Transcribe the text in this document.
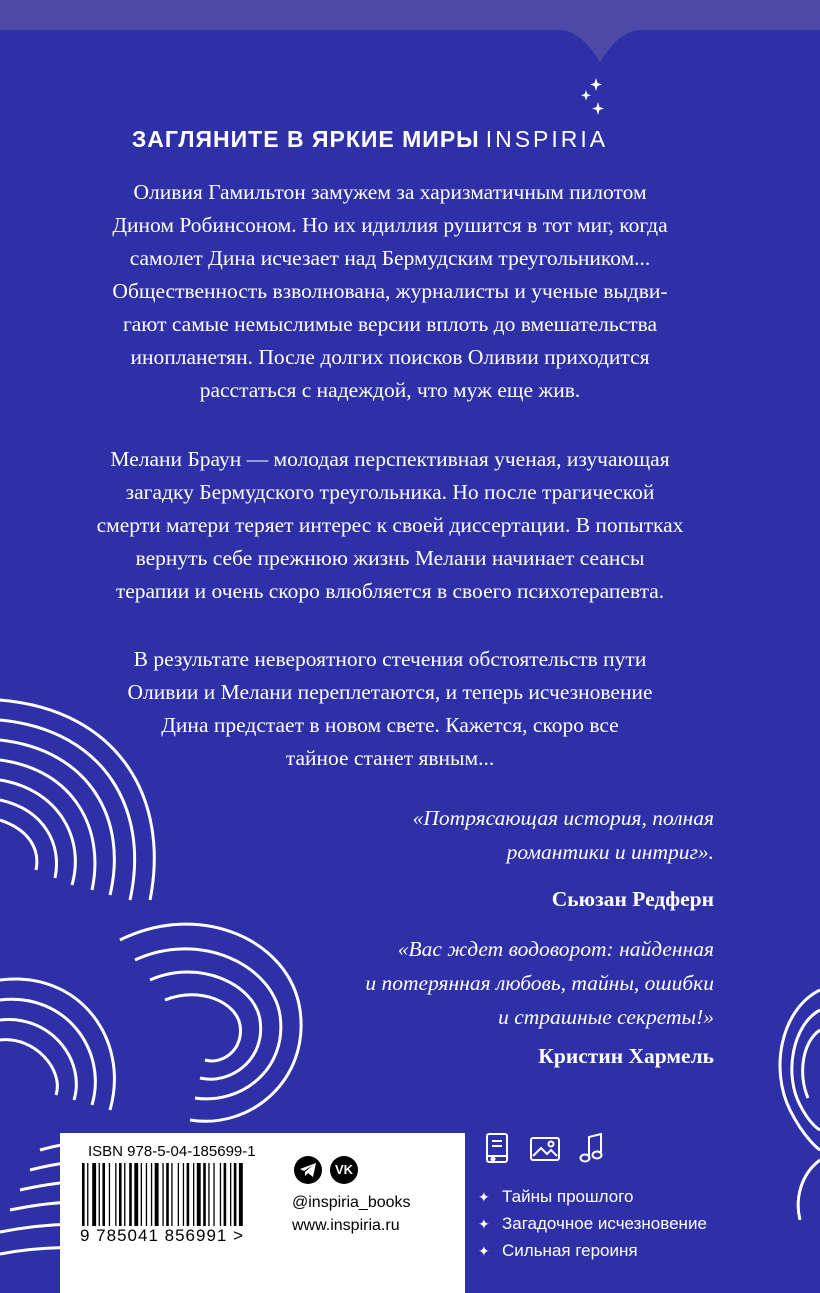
ЗАГЛЯНИТЕ В ЯРКИЕ МИРЫ INSPIRIA
Оливия Гамильтон замужем за харизматичным пилотом
Дином Робинсоном. Но их идиллия рушится в тот миг, когда
самолет Дина исчезает над Бермудским треугольником...
Общественность взволнована, журналисты и ученые выдви-
гают самые немыслимые версии вплоть до вмешательства
инопланетян. После долгих поисков Оливии приходится
расстаться с надеждой, что муж еще жив.
Мелани Браун — молодая перспективная ученая, изучающая
загадку Бермудского треугольника. Но после трагической
смерти матери теряет интерес к своей диссертации. В попытках
вернуть себе прежнюю жизнь Мелани начинает сеансы
терапии и очень скоро влюбляется в своего психотерапевта.
В результате невероятного стечения обстоятельств пути
Оливии и Мелани переплетаются, и теперь исчезновение
Дина предстает в новом свете. Кажется, скоро все
тайное станет явным...
«Потрясающая история, полная
романтики и интриг».
Сьюзан Редферн
«Вас ждет водоворот: найденная
и потерянная любовь, тайны, ошибки
и страшные секреты!»
Кристин Хармель
ISBN 978-5-04-185699-1
9 785041 856991 >
VK
@inspiria_books
www.inspiria.ru

✦ Тайны прошлого
✦ Загадочное исчезновение
✦ Сильная героиня
